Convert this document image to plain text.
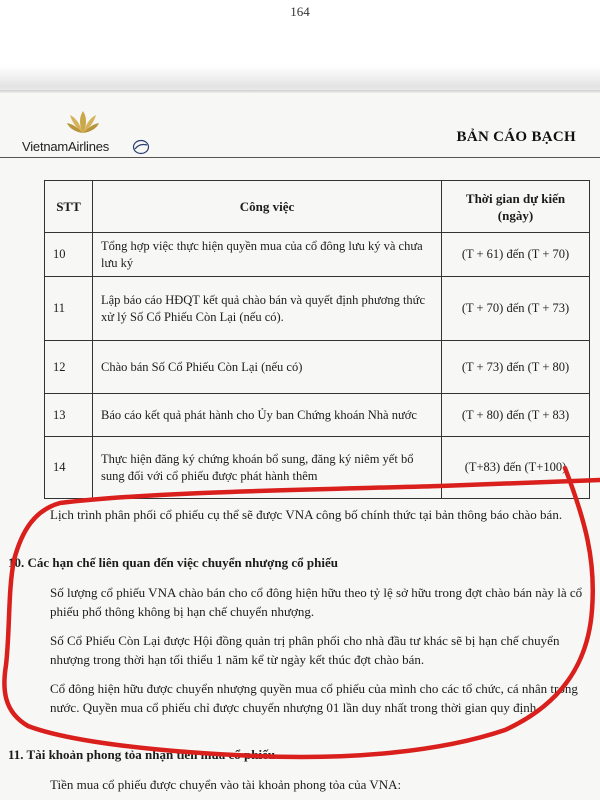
164
VietnamAirlines
BẢN CÁO BẠCH
STT	Công việc	Thời gian dự kiến (ngày)
10	Tổng hợp việc thực hiện quyền mua của cổ đông lưu ký và chưa lưu ký	(T + 61) đến (T + 70)
11	Lập báo cáo HĐQT kết quả chào bán và quyết định phương thức xử lý Số Cổ Phiếu Còn Lại (nếu có).	(T + 70) đến (T + 73)
12	Chào bán Số Cổ Phiếu Còn Lại (nếu có)	(T + 73) đến (T + 80)
13	Báo cáo kết quả phát hành cho Ủy ban Chứng khoán Nhà nước	(T + 80) đến (T + 83)
14	Thực hiện đăng ký chứng khoán bổ sung, đăng ký niêm yết bổ sung đối với cổ phiếu được phát hành thêm	(T+83) đến (T+100)

Lịch trình phân phối cổ phiếu cụ thể sẽ được VNA công bố chính thức tại bản thông báo chào bán.

10. Các hạn chế liên quan đến việc chuyển nhượng cổ phiếu

Số lượng cổ phiếu VNA chào bán cho cổ đông hiện hữu theo tỷ lệ sở hữu trong đợt chào bán này là cổ phiếu phổ thông không bị hạn chế chuyển nhượng.

Số Cổ Phiếu Còn Lại được Hội đồng quản trị phân phối cho nhà đầu tư khác sẽ bị hạn chế chuyển nhượng trong thời hạn tối thiểu 1 năm kể từ ngày kết thúc đợt chào bán.

Cổ đông hiện hữu được chuyển nhượng quyền mua cổ phiếu của mình cho các tổ chức, cá nhân trong nước. Quyền mua cổ phiếu chỉ được chuyển nhượng 01 lần duy nhất trong thời gian quy định.

11. Tài khoản phong tỏa nhận tiền mua cổ phiếu

Tiền mua cổ phiếu được chuyển vào tài khoản phong tỏa của VNA:
